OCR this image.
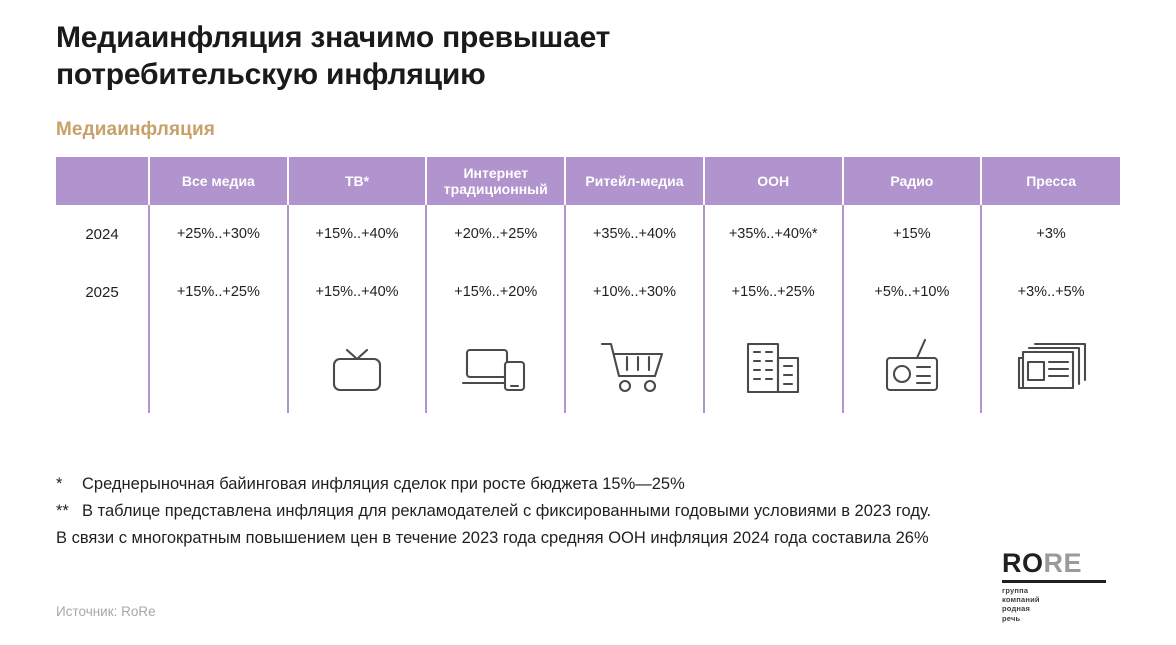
Медиаинфляция значимо превышает потребительскую инфляцию
Медиаинфляция
	Все медиа	ТВ*	Интернет традиционный	Ритейл-медиа	ООН	Радио	Пресса
2024	+25%..+30%	+15%..+40%	+20%..+25%	+35%..+40%	+35%..+40%*	+15%	+3%
2025	+15%..+25%	+15%..+40%	+15%..+20%	+10%..+30%	+15%..+25%	+5%..+10%	+3%..+5%

* Среднерыночная байинговая инфляция сделок при росте бюджета 15%—25%
** В таблице представлена инфляция для рекламодателей с фиксированными годовыми условиями в 2023 году.
В связи с многократным повышением цен в течение 2023 года средняя ООН инфляция 2024 года составила 26%
Источник: RoRe
RORE
группа
компаний
родная
речь
